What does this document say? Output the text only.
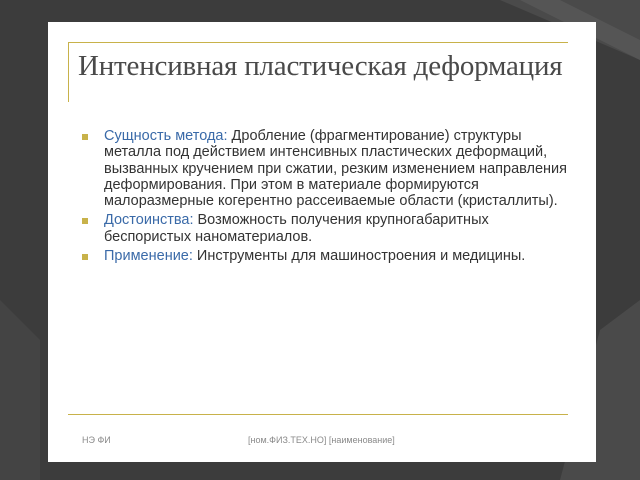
Интенсивная пластическая деформация
Сущность метода: Дробление (фрагментирование) структуры металла под действием интенсивных пластических деформаций, вызванных кручением при сжатии, резким изменением направления деформирования. При этом в материале формируются малоразмерные когерентно рассеиваемые области (кристаллиты).
Достоинства: Возможность получения крупногабаритных беспористых наноматериалов.
Применение: Инструменты для машиностроения и медицины.
НЭ ФИ	[ном.ФИЗ.ТЕХ.НО] [наименование]
